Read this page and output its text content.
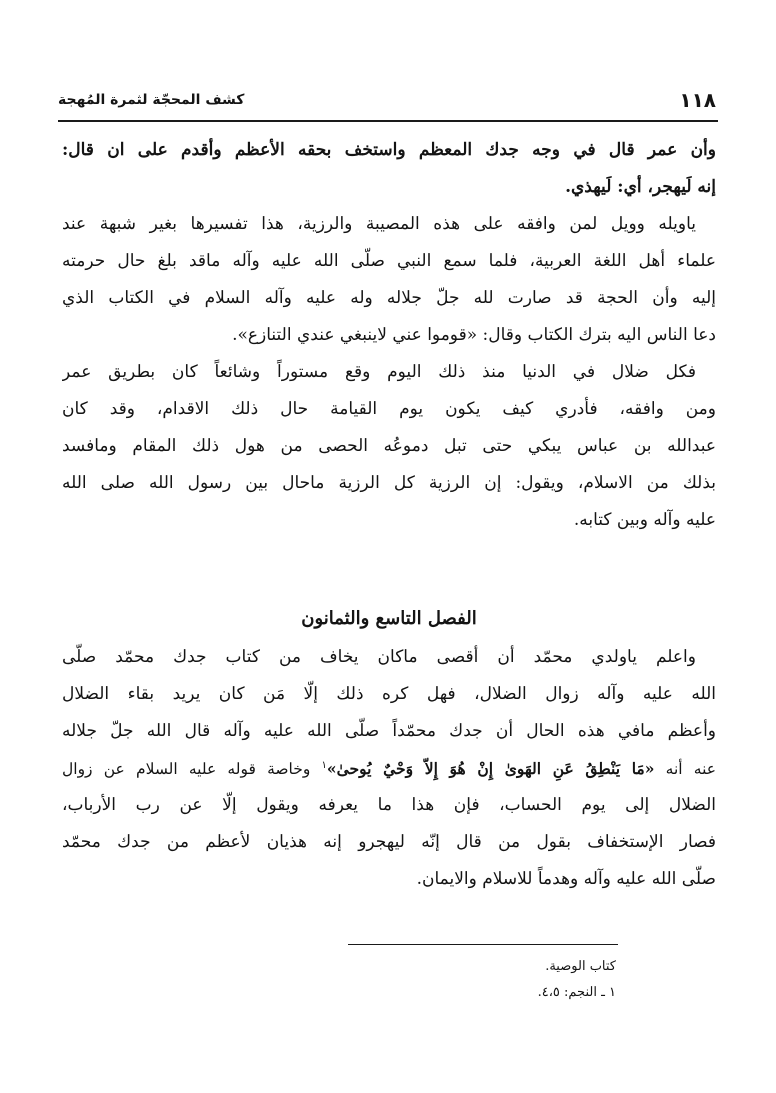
١١٨
كشف المحجّة لثمرة المُهجة
وأن عمر قال في وجه جدك المعظم واستخف بحقه الأعظم وأقدم على ان قال:
إنه لَيهجر، أي: لَيهذي.
ياويله وويل لمن وافقه على هذه المصيبة والرزية، هذا تفسيرها بغير شبهة عند
علماء أهل اللغة العربية، فلما سمع النبي صلّى الله عليه وآله ماقد بلغ حال حرمته
إليه وأن الحجة قد صارت لله جلّ جلاله وله عليه وآله السلام في الكتاب الذي
دعا الناس اليه بترك الكتاب وقال: «قوموا عني لاينبغي عندي التنازع».
فكل ضلال في الدنيا منذ ذلك اليوم وقع مستوراً وشائعاً كان بطريق عمر
ومن وافقه، فأدري كيف يكون يوم القيامة حال ذلك الاقدام، وقد كان
عبدالله بن عباس يبكي حتى تبل دموعُه الحصى من هول ذلك المقام ومافسد
بذلك من الاسلام، ويقول: إن الرزية كل الرزية ماحال بين رسول الله صلى الله
عليه وآله وبين كتابه.
الفصل التاسع والثمانون
واعلم ياولدي محمّد أن أقصى ماكان يخاف من كتاب جدك محمّد صلّى
الله عليه وآله زوال الضلال، فهل كره ذلك إلّا مَن كان يريد بقاء الضلال
وأعظم مافي هذه الحال أن جدك محمّداً صلّى الله عليه وآله قال الله جلّ جلاله
عنه أنه «مَا يَنْطِقُ عَنِ الهَوىٰ إِنْ هُوَ إِلاّ وَحْيٌ يُوحىٰ»$^١$ وخاصة قوله عليه السلام عن زوال
الضلال إلى يوم الحساب، فإن هذا ما يعرفه ويقول إلّا عن رب الأرباب،
فصار الإستخفاف بقول من قال إنّه ليهجرو إنه هذيان لأعظم من جدك محمّد
صلّى الله عليه وآله وهدماً للاسلام والايمان.
كتاب الوصية.
١ ـ النجم: ٤،٥.
